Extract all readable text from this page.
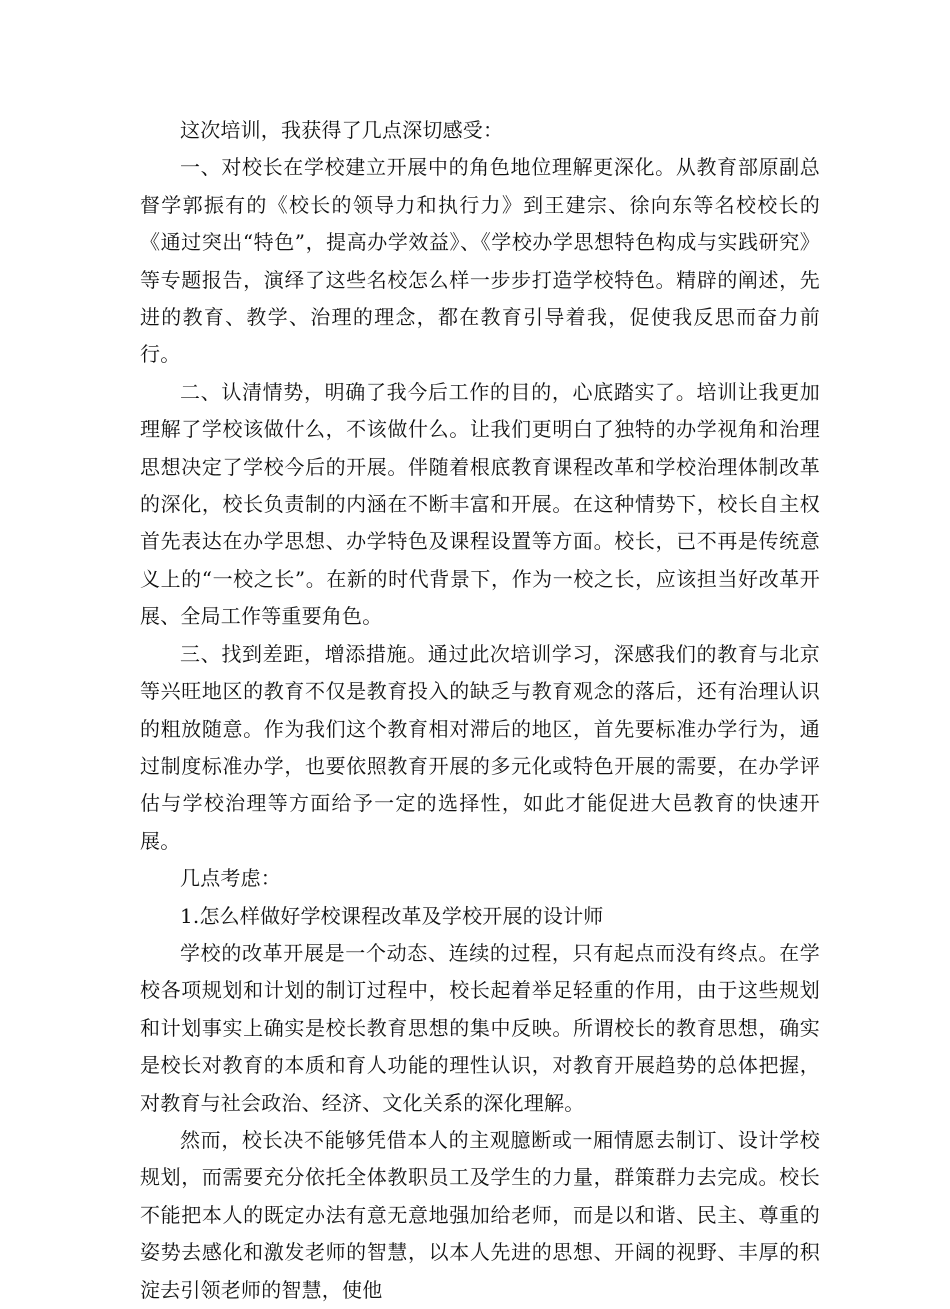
这次培训，我获得了几点深切感受：

一、对校长在学校建立开展中的角色地位理解更深化。从教育部原副总督学郭振有的《校长的领导力和执行力》到王建宗、徐向东等名校校长的《通过突出“特色”，提高办学效益》、《学校办学思想特色构成与实践研究》等专题报告，演绎了这些名校怎么样一步步打造学校特色。精辟的阐述，先进的教育、教学、治理的理念，都在教育引导着我，促使我反思而奋力前行。

二、认清情势，明确了我今后工作的目的，心底踏实了。培训让我更加理解了学校该做什么，不该做什么。让我们更明白了独特的办学视角和治理思想决定了学校今后的开展。伴随着根底教育课程改革和学校治理体制改革的深化，校长负责制的内涵在不断丰富和开展。在这种情势下，校长自主权首先表达在办学思想、办学特色及课程设置等方面。校长，已不再是传统意义上的“一校之长”。在新的时代背景下，作为一校之长，应该担当好改革开展、全局工作等重要角色。

三、找到差距，增添措施。通过此次培训学习，深感我们的教育与北京等兴旺地区的教育不仅是教育投入的缺乏与教育观念的落后，还有治理认识的粗放随意。作为我们这个教育相对滞后的地区，首先要标准办学行为，通过制度标准办学，也要依照教育开展的多元化或特色开展的需要，在办学评估与学校治理等方面给予一定的选择性，如此才能促进大邑教育的快速开展。

几点考虑：

1.怎么样做好学校课程改革及学校开展的设计师

学校的改革开展是一个动态、连续的过程，只有起点而没有终点。在学校各项规划和计划的制订过程中，校长起着举足轻重的作用，由于这些规划和计划事实上确实是校长教育思想的集中反映。所谓校长的教育思想，确实是校长对教育的本质和育人功能的理性认识，对教育开展趋势的总体把握，对教育与社会政治、经济、文化关系的深化理解。

然而，校长决不能够凭借本人的主观臆断或一厢情愿去制订、设计学校规划，而需要充分依托全体教职员工及学生的力量，群策群力去完成。校长不能把本人的既定办法有意无意地强加给老师，而是以和谐、民主、尊重的姿势去感化和激发老师的智慧，以本人先进的思想、开阔的视野、丰厚的积淀去引领老师的智慧，使他
